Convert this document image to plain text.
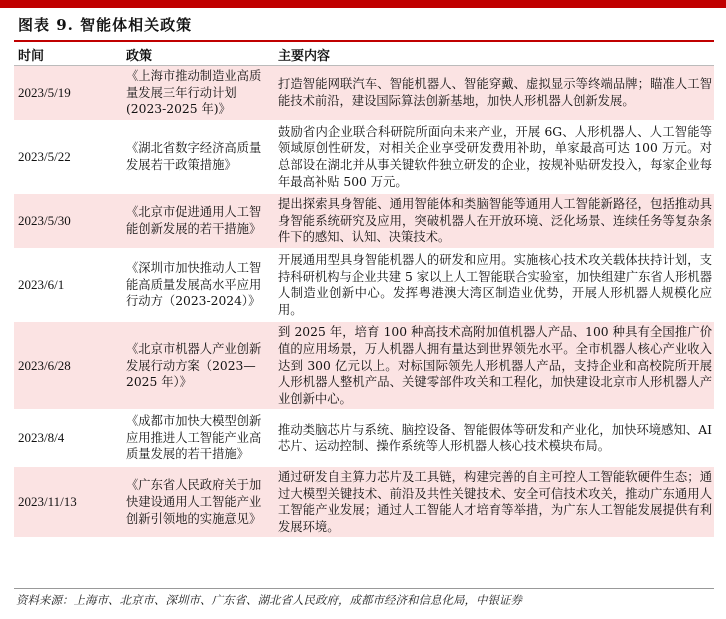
图表 9. 智能体相关政策
时间	政策	主要内容
2023/5/19	《上海市推动制造业高质量发展三年行动计划(2023-2025 年)》	打造智能网联汽车、智能机器人、智能穿戴、虚拟显示等终端品牌；瞄准人工智能技术前沿，建设国际算法创新基地，加快人形机器人创新发展。
2023/5/22	《湖北省数字经济高质量发展若干政策措施》	鼓励省内企业联合科研院所面向未来产业，开展 6G、人形机器人、人工智能等领域原创性研发，对相关企业享受研发费用补助，单家最高可达 100 万元。对总部设在湖北并从事关键软件独立研发的企业，按规补贴研发投入，每家企业每年最高补贴 500 万元。
2023/5/30	《北京市促进通用人工智能创新发展的若干措施》	提出探索具身智能、通用智能体和类脑智能等通用人工智能新路径，包括推动具身智能系统研究及应用，突破机器人在开放环境、泛化场景、连续任务等复杂条件下的感知、认知、决策技术。
2023/6/1	《深圳市加快推动人工智能高质量发展高水平应用行动方（2023-2024）》	开展通用型具身智能机器人的研发和应用。实施核心技术攻关载体扶持计划，支持科研机构与企业共建 5 家以上人工智能联合实验室，加快组建广东省人形机器人制造业创新中心。发挥粤港澳大湾区制造业优势，开展人形机器人规模化应用。
2023/6/28	《北京市机器人产业创新发展行动方案（2023—2025 年）》	到 2025 年，培育 100 种高技术高附加值机器人产品、100 种具有全国推广价值的应用场景，万人机器人拥有量达到世界领先水平。全市机器人核心产业收入达到 300 亿元以上。对标国际领先人形机器人产品，支持企业和高校院所开展人形机器人整机产品、关键零部件攻关和工程化，加快建设北京市人形机器人产业创新中心。
2023/8/4	《成都市加快大模型创新应用推进人工智能产业高质量发展的若干措施》	推动类脑芯片与系统、脑控设备、智能假体等研发和产业化，加快环境感知、AI 芯片、运动控制、操作系统等人形机器人核心技术模块布局。
2023/11/13	《广东省人民政府关于加快建设通用人工智能产业创新引领地的实施意见》	通过研发自主算力芯片及工具链，构建完善的自主可控人工智能软硬件生态；通过大模型关键技术、前沿及共性关键技术、安全可信技术攻关，推动广东通用人工智能产业发展；通过人工智能人才培育等举措，为广东人工智能发展提供有利发展环境。
资料来源：上海市、北京市、深圳市、广东省、湖北省人民政府，成都市经济和信息化局，中银证券
